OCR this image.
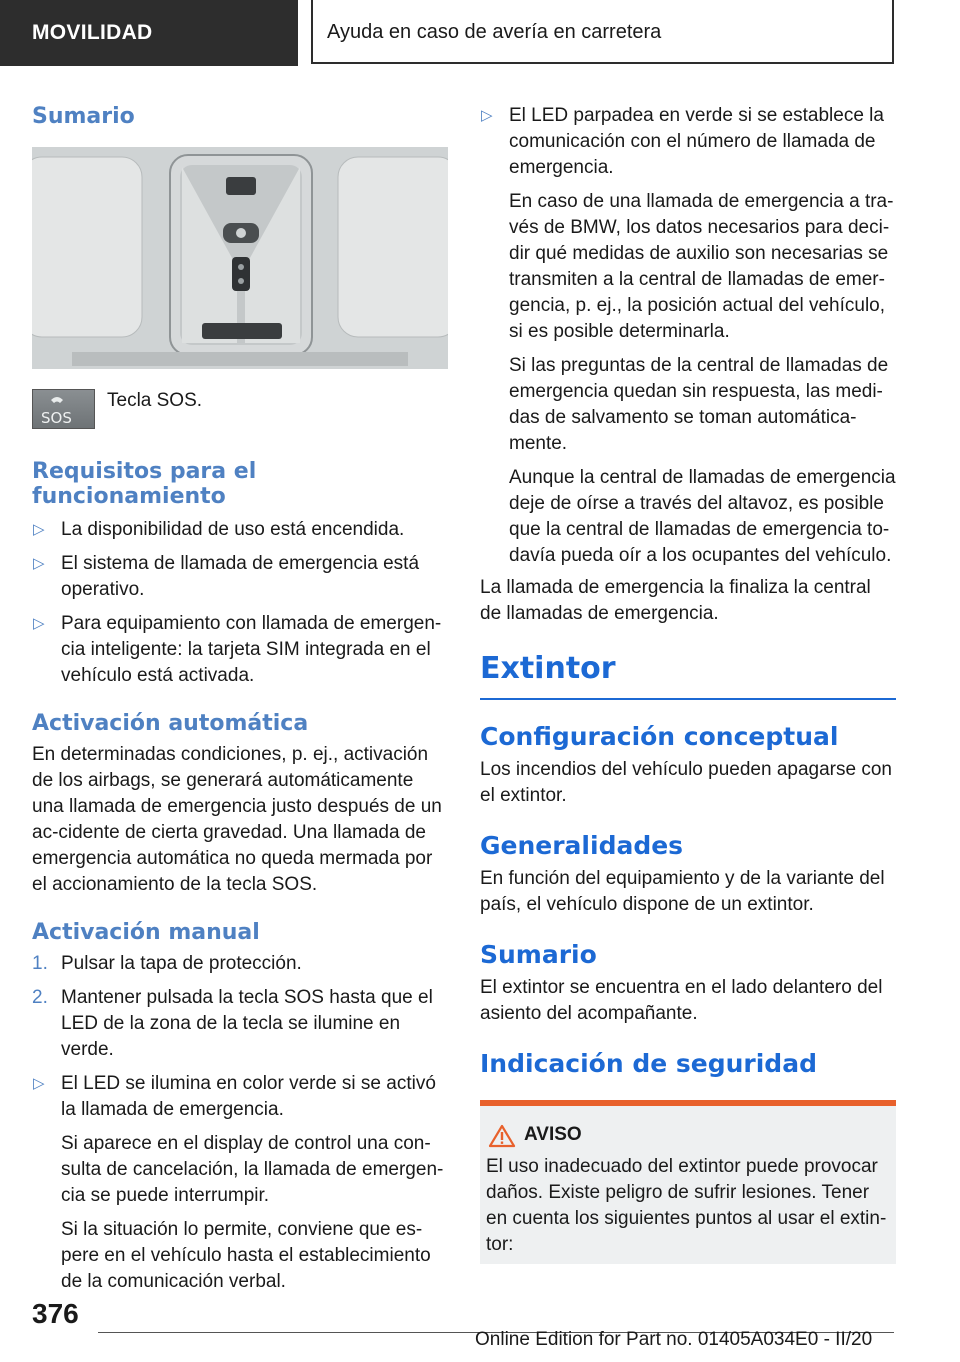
MOVILIDAD	Ayuda en caso de avería en carretera
Sumario
SOS
Tecla SOS.
Requisitos para el funcionamiento
▷ La disponibilidad de uso está encendida.
▷ El sistema de llamada de emergencia está operativo.
▷ Para equipamiento con llamada de emergen‐cia inteligente: la tarjeta SIM integrada en el vehículo está activada.
Activación automática

En determinadas condiciones, p. ej., activación de los airbags, se generará automáticamente una llamada de emergencia justo después de un ac‐cidente de cierta gravedad. Una llamada de emergencia automática no queda mermada por el accionamiento de la tecla SOS.

Activación manual
1. Pulsar la tapa de protección.
2. Mantener pulsada la tecla SOS hasta que el LED de la zona de la tecla se ilumine en verde.
▷ El LED se ilumina en color verde si se activó la llamada de emergencia.
Si aparece en el display de control una con‐sulta de cancelación, la llamada de emergen‐cia se puede interrumpir.
Si la situación lo permite, conviene que es‐pere en el vehículo hasta el establecimiento de la comunicación verbal.
▷ El LED parpadea en verde si se establece la comunicación con el número de llamada de emergencia.
En caso de una llamada de emergencia a tra‐vés de BMW, los datos necesarios para deci‐dir qué medidas de auxilio son necesarias se transmiten a la central de llamadas de emer‐gencia, p. ej., la posición actual del vehículo, si es posible determinarla.
Si las preguntas de la central de llamadas de emergencia quedan sin respuesta, las medi‐das de salvamento se toman automática‐mente.
Aunque la central de llamadas de emergencia deje de oírse a través del altavoz, es posible que la central de llamadas de emergencia to‐davía pueda oír a los ocupantes del vehículo.

La llamada de emergencia la finaliza la central de llamadas de emergencia.

Extintor
Configuración conceptual

Los incendios del vehículo pueden apagarse con el extintor.

Generalidades

En función del equipamiento y de la variante del país, el vehículo dispone de un extintor.

Sumario

El extintor se encuentra en el lado delantero del asiento del acompañante.

Indicación de seguridad
AVISO

El uso inadecuado del extintor puede provocar daños. Existe peligro de sufrir lesiones. Tener en cuenta los siguientes puntos al usar el extin‐tor:

376
Online Edition for Part no. 01405A034E0 - II/20
